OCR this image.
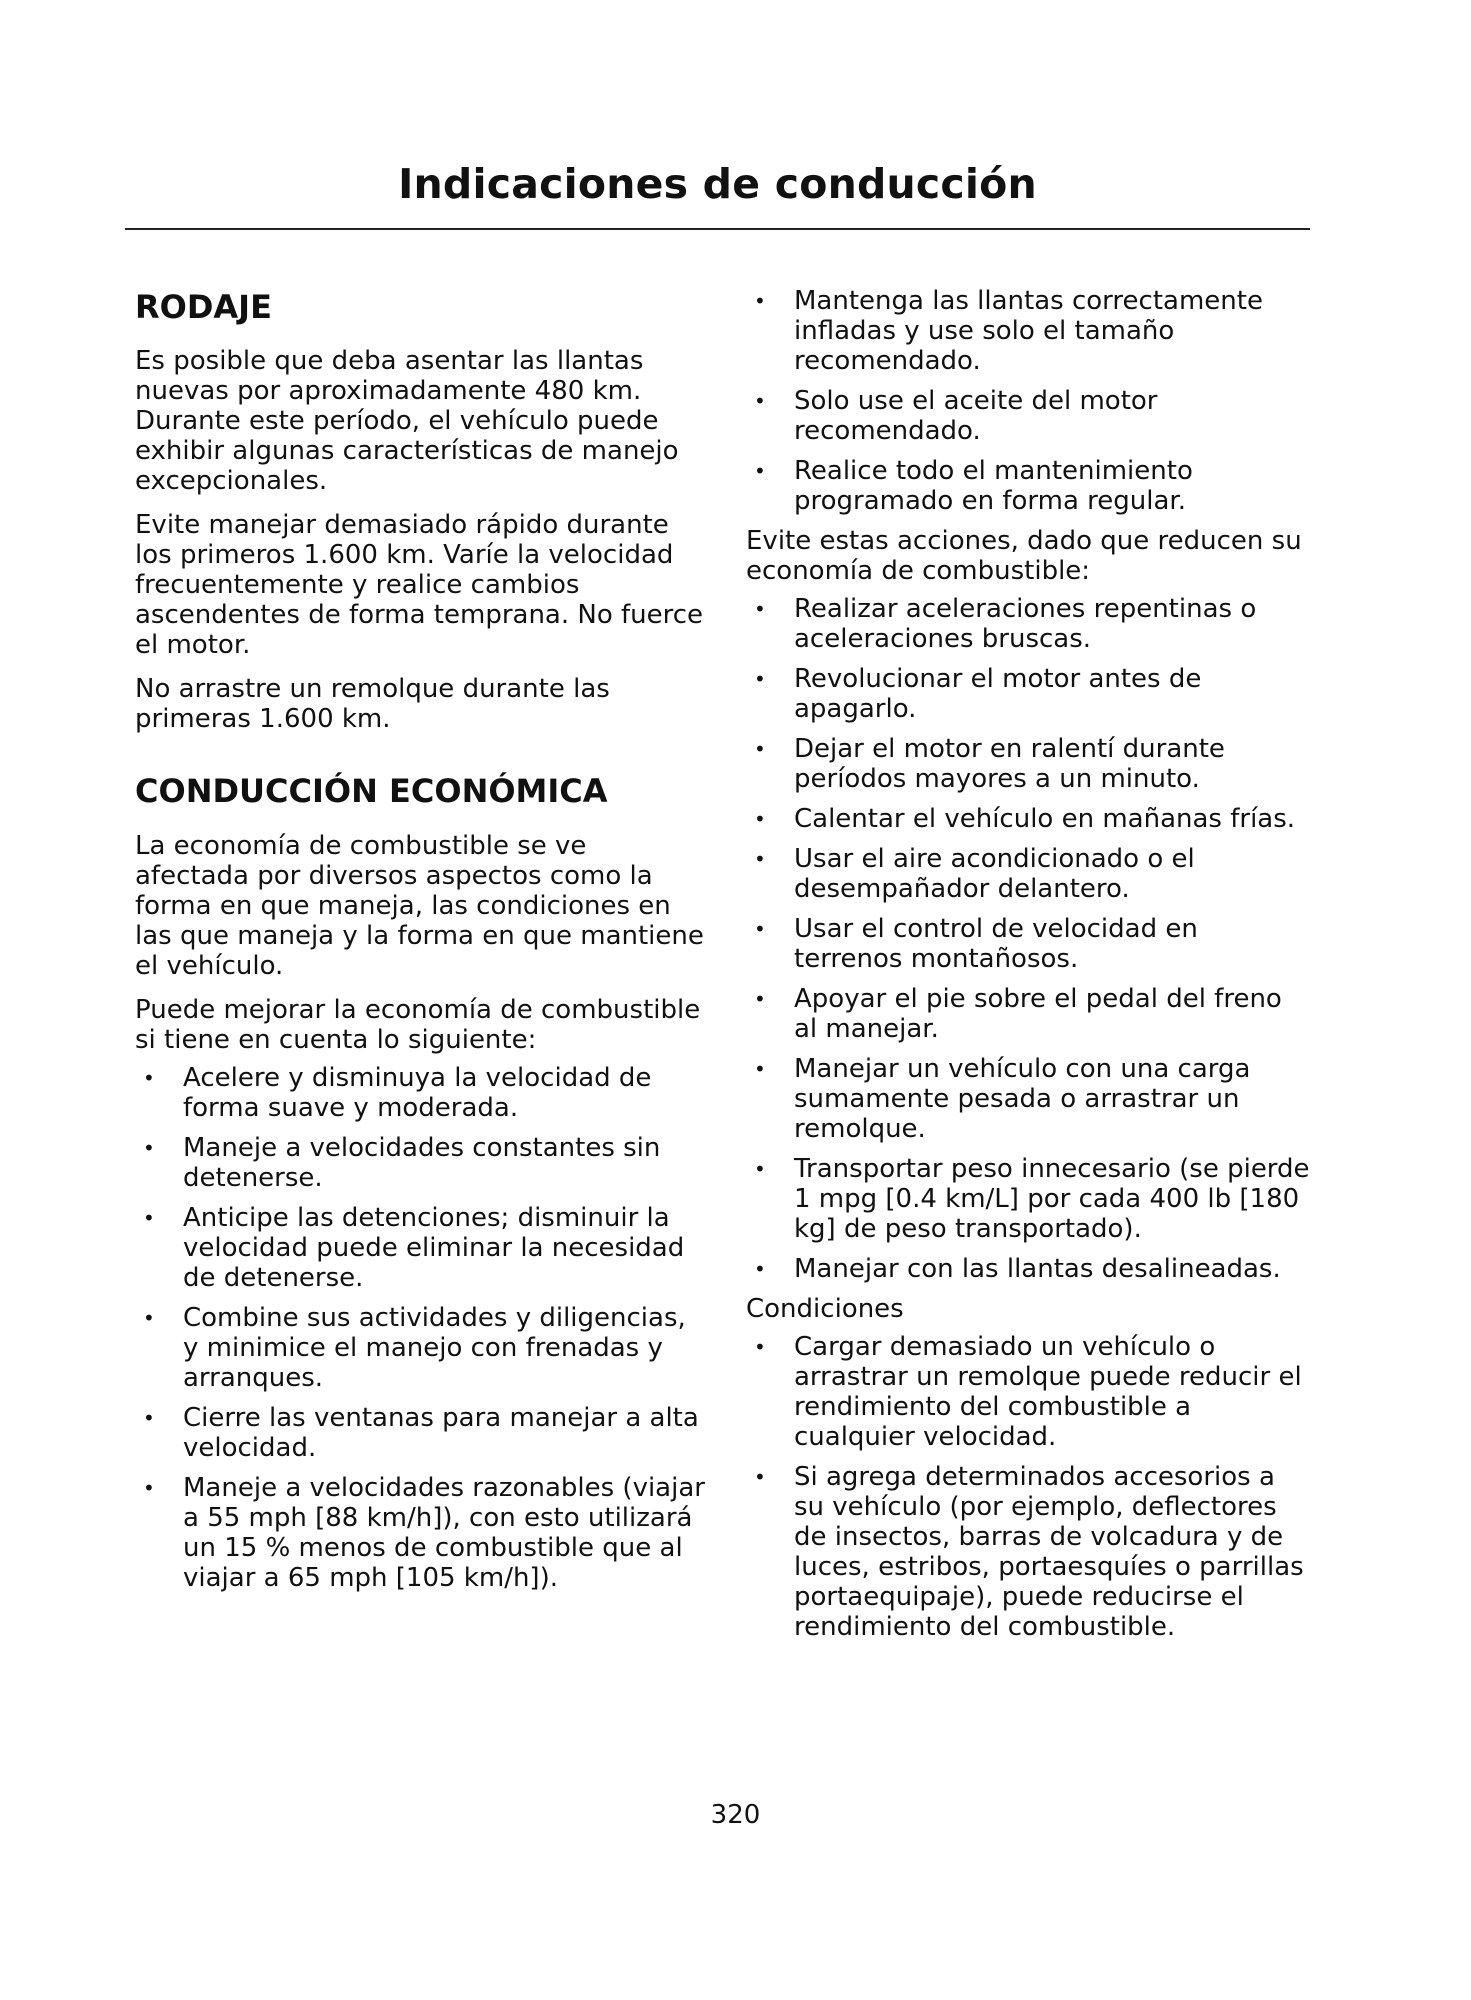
Indicaciones de conducción
RODAJE

Es posible que deba asentar las llantas nuevas por aproximadamente 480 km. Durante este período, el vehículo puede exhibir algunas características de manejo excepcionales.

Evite manejar demasiado rápido durante los primeros 1.600 km. Varíe la velocidad frecuentemente y realice cambios ascendentes de forma temprana. No fuerce el motor.

No arrastre un remolque durante las primeras 1.600 km.

CONDUCCIÓN ECONÓMICA

La economía de combustible se ve afectada por diversos aspectos como la forma en que maneja, las condiciones en las que maneja y la forma en que mantiene el vehículo.

Puede mejorar la economía de combustible si tiene en cuenta lo siguiente:

• Acelere y disminuya la velocidad de forma suave y moderada.
• Maneje a velocidades constantes sin detenerse.
• Anticipe las detenciones; disminuir la velocidad puede eliminar la necesidad de detenerse.
• Combine sus actividades y diligencias, y minimice el manejo con frenadas y arranques.
• Cierre las ventanas para manejar a alta velocidad.
• Maneje a velocidades razonables (viajar a 55 mph [88 km/h]), con esto utilizará un 15 % menos de combustible que al viajar a 65 mph [105 km/h]).
• Mantenga las llantas correctamente infladas y use solo el tamaño recomendado.
• Solo use el aceite del motor recomendado.
• Realice todo el mantenimiento programado en forma regular.

Evite estas acciones, dado que reducen su economía de combustible:

• Realizar aceleraciones repentinas o aceleraciones bruscas.
• Revolucionar el motor antes de apagarlo.
• Dejar el motor en ralentí durante períodos mayores a un minuto.
• Calentar el vehículo en mañanas frías.
• Usar el aire acondicionado o el desempañador delantero.
• Usar el control de velocidad en terrenos montañosos.
• Apoyar el pie sobre el pedal del freno al manejar.
• Manejar un vehículo con una carga sumamente pesada o arrastrar un remolque.
• Transportar peso innecesario (se pierde 1 mpg [0.4 km/L] por cada 400 lb [180 kg] de peso transportado).
• Manejar con las llantas desalineadas.

Condiciones

• Cargar demasiado un vehículo o arrastrar un remolque puede reducir el rendimiento del combustible a cualquier velocidad.
• Si agrega determinados accesorios a su vehículo (por ejemplo, deflectores de insectos, barras de volcadura y de luces, estribos, portaesquíes o parrillas portaequipaje), puede reducirse el rendimiento del combustible.
320
